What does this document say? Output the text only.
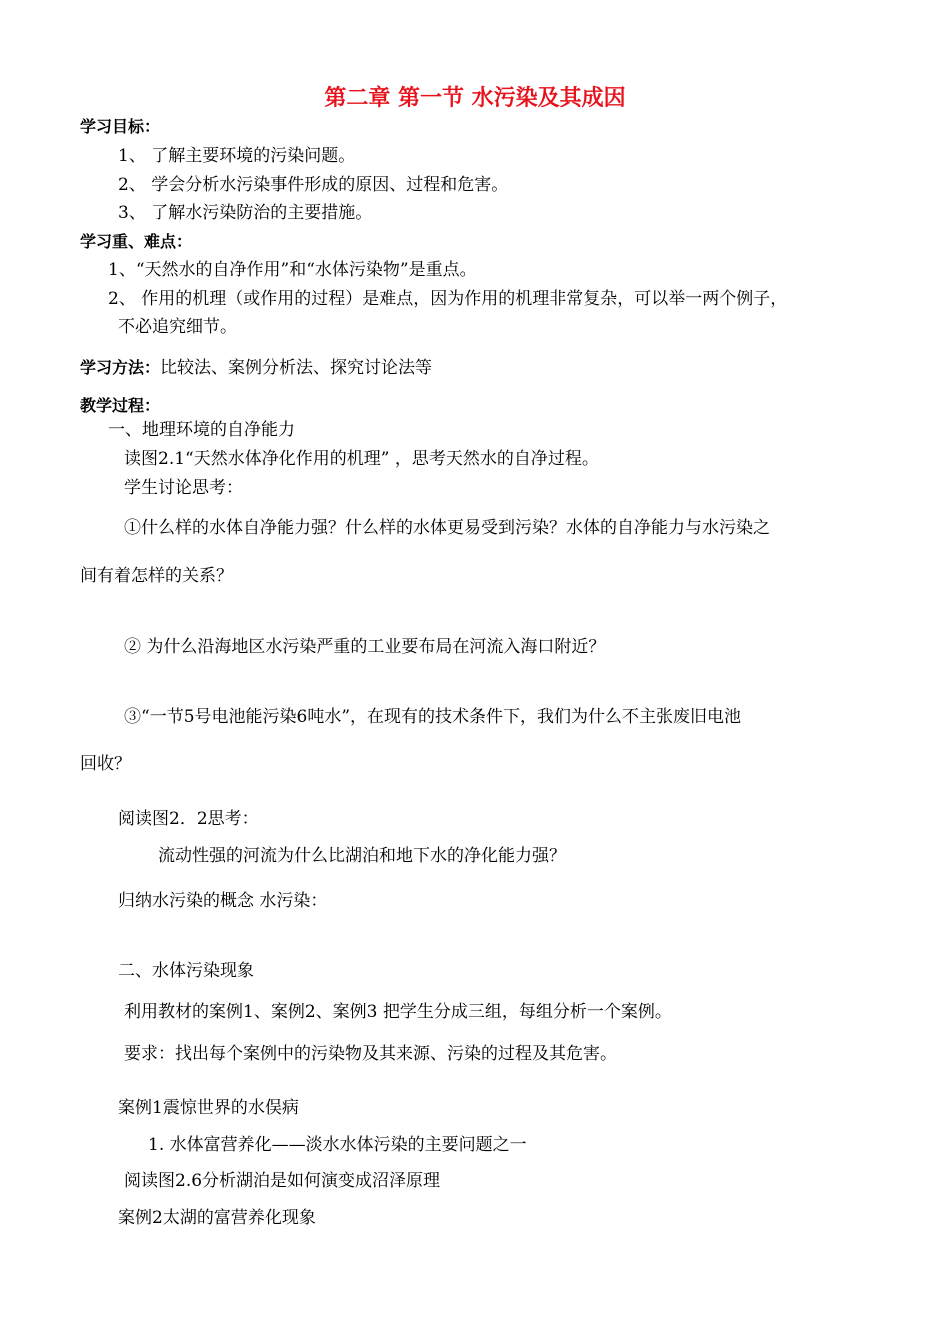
第二章 第一节 水污染及其成因
学习目标：
1、 了解主要环境的污染问题。
2、 学会分析水污染事件形成的原因、过程和危害。
3、 了解水污染防治的主要措施。
学习重、难点：
1、“天然水的自净作用”和“水体污染物”是重点。
2、 作用的机理（或作用的过程）是难点，因为作用的机理非常复杂，可以举一两个例子，
不必追究细节。
学习方法：比较法、案例分析法、探究讨论法等
教学过程：
一、地理环境的自净能力
读图2.1“天然水体净化作用的机理” ，思考天然水的自净过程。
学生讨论思考：
①什么样的水体自净能力强？什么样的水体更易受到污染？水体的自净能力与水污染之
间有着怎样的关系？
② 为什么沿海地区水污染严重的工业要布局在河流入海口附近？
③“一节5号电池能污染6吨水”，在现有的技术条件下，我们为什么不主张废旧电池
回收？
阅读图2．2思考：
流动性强的河流为什么比湖泊和地下水的净化能力强？
归纳水污染的概念 水污染：
二、水体污染现象
利用教材的案例1、案例2、案例3 把学生分成三组，每组分析一个案例。
要求：找出每个案例中的污染物及其来源、污染的过程及其危害。
案例1震惊世界的水俣病
1. 水体富营养化——淡水水体污染的主要问题之一
阅读图2.6分析湖泊是如何演变成沼泽原理
案例2太湖的富营养化现象
